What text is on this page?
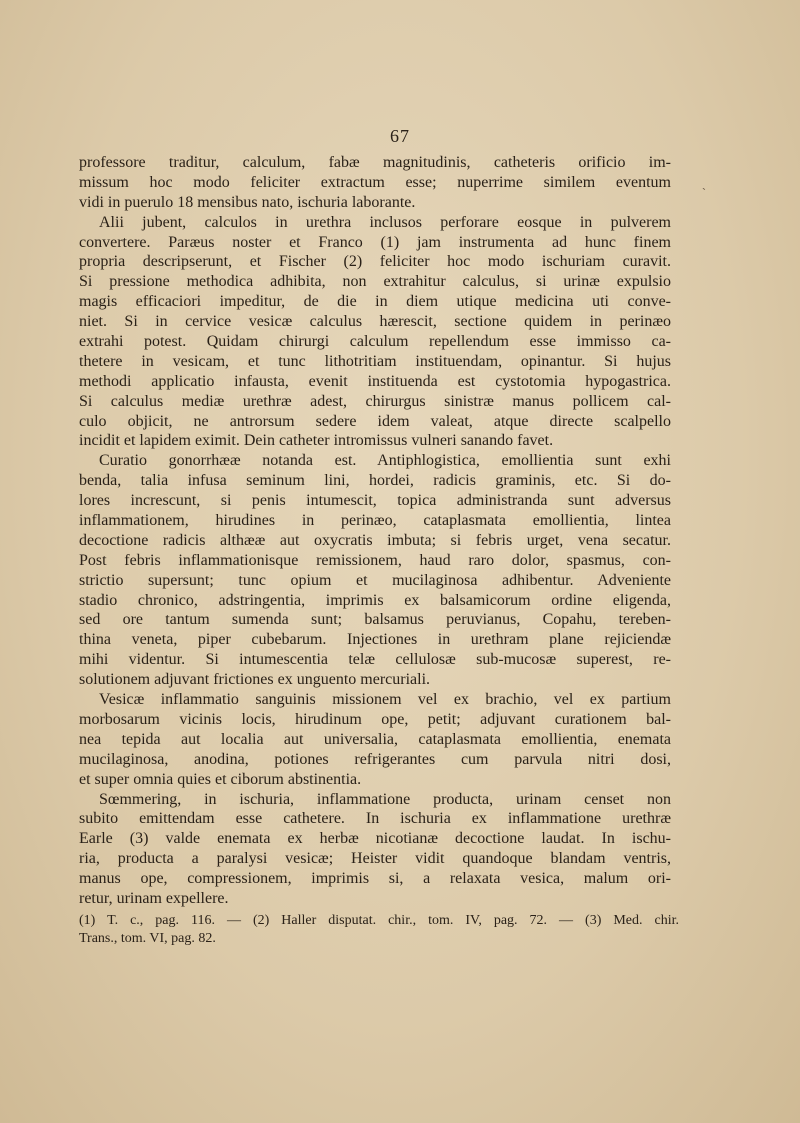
67
professore traditur, calculum, fabæ magnitudinis, catheteris orificio im-
missum hoc modo feliciter extractum esse; nuperrime similem eventum
vidi in puerulo 18 mensibus nato, ischuria laborante.
Alii jubent, calculos in urethra inclusos perforare eosque in pulverem
convertere. Paræus noster et Franco (1) jam instrumenta ad hunc finem
propria descripserunt, et Fischer (2) feliciter hoc modo ischuriam curavit.
Si pressione methodica adhibita, non extrahitur calculus, si urinæ expulsio
magis efficaciori impeditur, de die in diem utique medicina uti conve-
niet. Si in cervice vesicæ calculus hærescit, sectione quidem in perinæo
extrahi potest. Quidam chirurgi calculum repellendum esse immisso ca-
thetere in vesicam, et tunc lithotritiam instituendam, opinantur. Si hujus
methodi applicatio infausta, evenit instituenda est cystotomia hypogastrica.
Si calculus mediæ urethræ adest, chirurgus sinistræ manus pollicem cal-
culo objicit, ne antrorsum sedere idem valeat, atque directe scalpello
incidit et lapidem eximit. Dein catheter intromissus vulneri sanando favet.
Curatio gonorrhææ notanda est. Antiphlogistica, emollientia sunt exhi
benda, talia infusa seminum lini, hordei, radicis graminis, etc. Si do-
lores increscunt, si penis intumescit, topica administranda sunt adversus
inflammationem, hirudines in perinæo, cataplasmata emollientia, lintea
decoctione radicis althææ aut oxycratis imbuta; si febris urget, vena secatur.
Post febris inflammationisque remissionem, haud raro dolor, spasmus, con-
strictio supersunt; tunc opium et mucilaginosa adhibentur. Adveniente
stadio chronico, adstringentia, imprimis ex balsamicorum ordine eligenda,
sed ore tantum sumenda sunt; balsamus peruvianus, Copahu, tereben-
thina veneta, piper cubebarum. Injectiones in urethram plane rejiciendæ
mihi videntur. Si intumescentia telæ cellulosæ sub-mucosæ superest, re-
solutionem adjuvant frictiones ex unguento mercuriali.
Vesicæ inflammatio sanguinis missionem vel ex brachio, vel ex partium
morbosarum vicinis locis, hirudinum ope, petit; adjuvant curationem bal-
nea tepida aut localia aut universalia, cataplasmata emollientia, enemata
mucilaginosa, anodina, potiones refrigerantes cum parvula nitri dosi,
et super omnia quies et ciborum abstinentia.
Sœmmering, in ischuria, inflammatione producta, urinam censet non
subito emittendam esse cathetere. In ischuria ex inflammatione urethræ
Earle (3) valde enemata ex herbæ nicotianæ decoctione laudat. In ischu-
ria, producta a paralysi vesicæ; Heister vidit quandoque blandam ventris,
manus ope, compressionem, imprimis si, a relaxata vesica, malum ori-
retur, urinam expellere.
(1) T. c., pag. 116. — (2) Haller disputat. chir., tom. IV, pag. 72. — (3) Med. chir.
Trans., tom. VI, pag. 82.
˴
